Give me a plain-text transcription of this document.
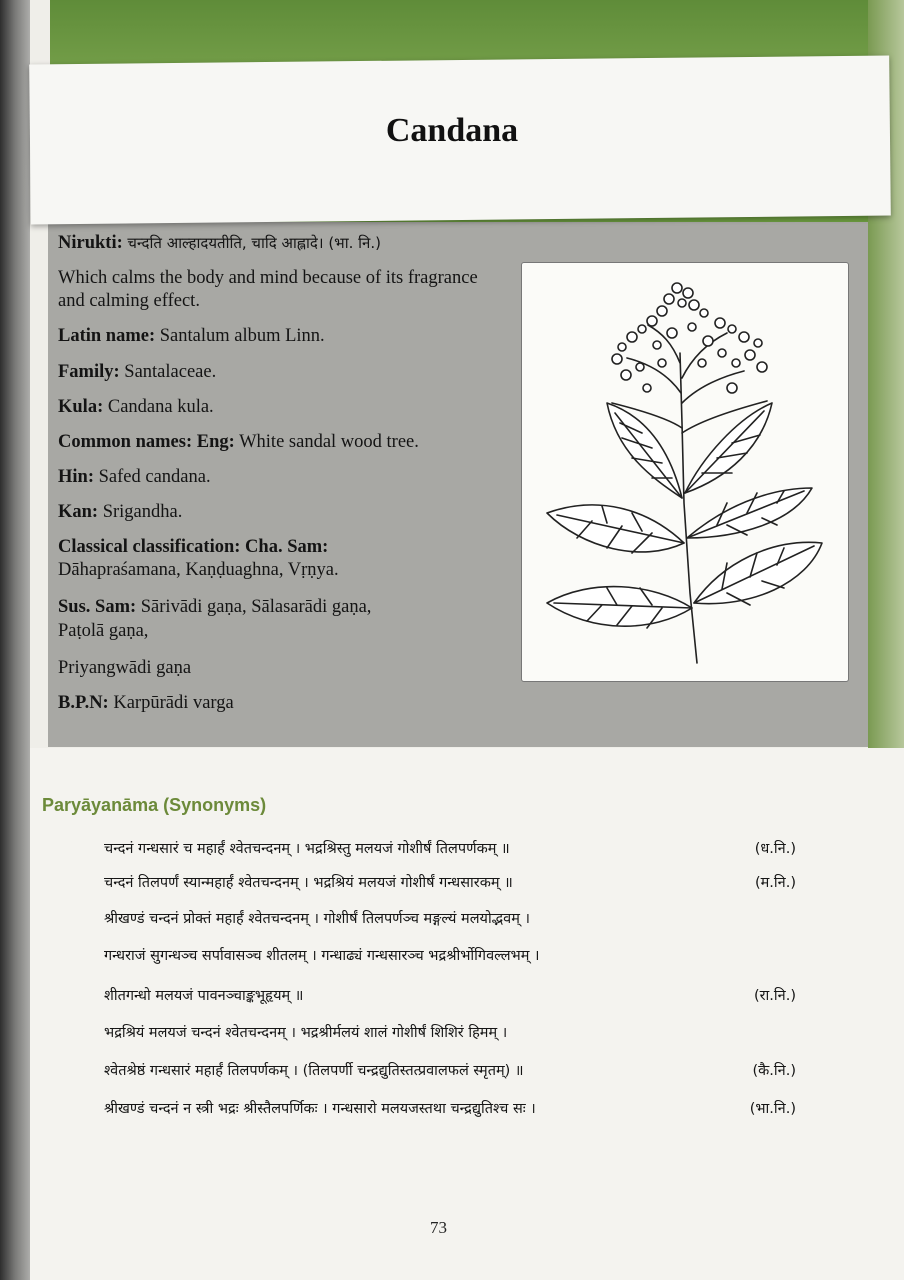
Candana

Nirukti: चन्दति आल्हादयतीति, चादि आह्लादे। (भा. नि.)

Which calms the body and mind because of its fragrance and calming effect.

Latin name: Santalum album Linn.

Family: Santalaceae.

Kula: Candana kula.

Common names: Eng: White sandal wood tree.

Hin: Safed candana.

Kan: Srigandha.

Classical classification: Cha. Sam:
Dāhapraśamana, Kaṇḍuaghna, Vṛṇya.

Sus. Sam: Sārivādi gaṇa, Sālasarādi gaṇa,
Paṭolā gaṇa,

Priyangwādi gaṇa

B.P.N: Karpūrādi varga

Paryāyanāma (Synonyms)
चन्दनं गन्धसारं च महार्हं श्वेतचन्दनम् । भद्रश्रिस्तु मलयजं गोशीर्षं तिलपर्णकम् ॥	(ध.नि.)
चन्दनं तिलपर्णं स्यान्महार्हं श्वेतचन्दनम् । भद्रश्रियं मलयजं गोशीर्षं गन्धसारकम् ॥	(म.नि.)
श्रीखण्डं चन्दनं प्रोक्तं महार्हं श्वेतचन्दनम् । गोशीर्षं तिलपर्णञ्च मङ्गल्यं मलयोद्भवम् ।
गन्धराजं सुगन्धञ्च सर्पावासञ्च शीतलम् । गन्धाढ्यं गन्धसारञ्च भद्रश्रीर्भोगिवल्लभम् ।
शीतगन्धो मलयजं पावनञ्चाङ्कभूहृयम् ॥	(रा.नि.)
भद्रश्रियं मलयजं चन्दनं श्वेतचन्दनम् । भद्रश्रीर्मलयं शालं गोशीर्षं शिशिरं हिमम् ।
श्वेतश्रेष्ठं गन्धसारं महार्हं तिलपर्णकम् । (तिलपर्णी चन्द्रद्युतिस्तत्प्रवालफलं स्मृतम्) ॥	(कै.नि.)
श्रीखण्डं चन्दनं न स्त्री भद्रः श्रीस्तैलपर्णिकः । गन्धसारो मलयजस्तथा चन्द्रद्युतिश्च सः ।	(भा.नि.)
73
